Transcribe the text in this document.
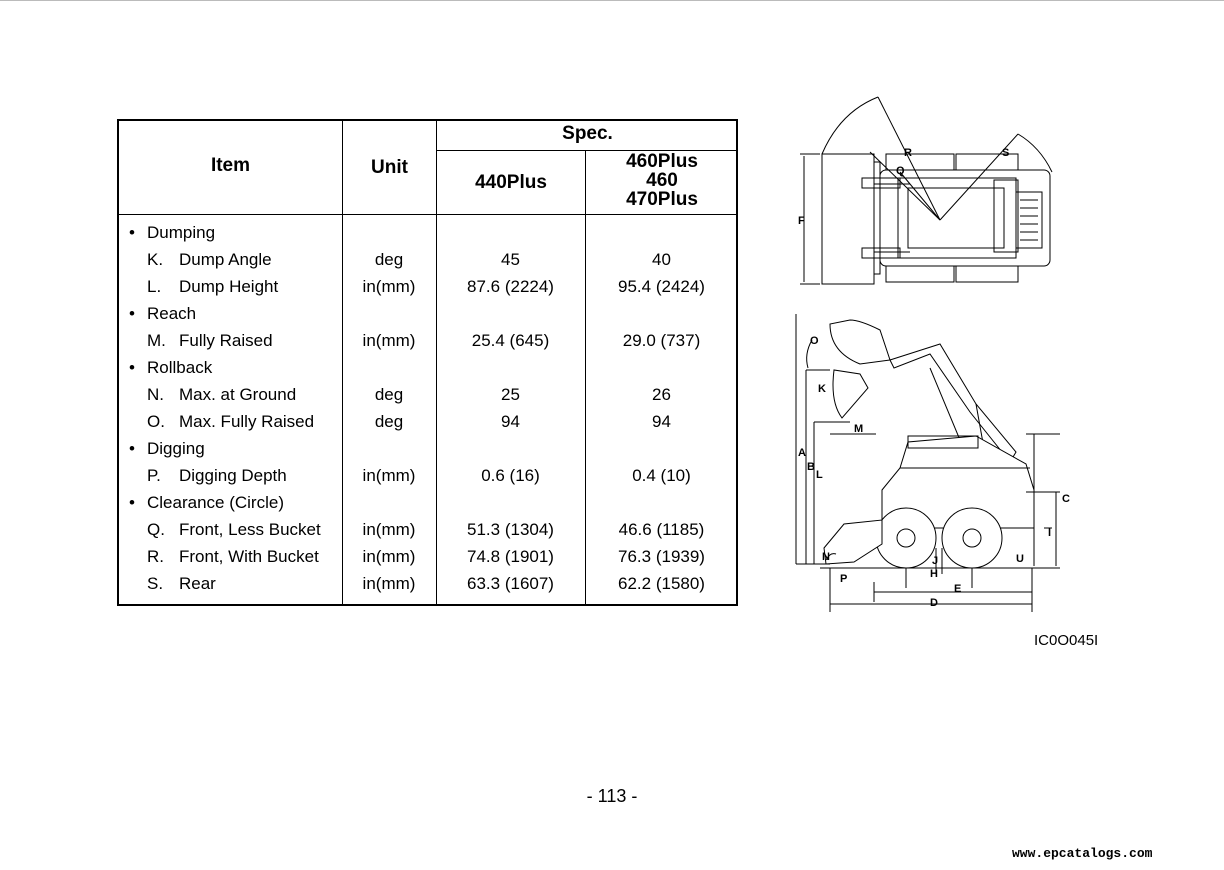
Item	Unit
Spec.
440Plus
460Plus
460
470Plus
• Dumping
K. Dump Angle	deg	45	40
L. Dump Height	in(mm)	87.6 (2224)	95.4 (2424)
• Reach
M. Fully Raised	in(mm)	25.4 (645)	29.0 (737)
• Rollback
N. Max. at Ground	deg	25	26
O. Max. Fully Raised	deg	94	94
• Digging
P. Digging Depth	in(mm)	0.6 (16)	0.4 (10)
• Clearance (Circle)
Q. Front, Less Bucket	in(mm)	51.3 (1304)	46.6 (1185)
R. Front, With Bucket	in(mm)	74.8 (1901)	76.3 (1939)
S. Rear	in(mm)	63.3 (1607)	62.2 (1580)
F
R
Q
S
A
B
L
M
O
K
C
I
U
N
P
J
H
E
D
IC0O045I
- 113 -
www.epcatalogs.com
